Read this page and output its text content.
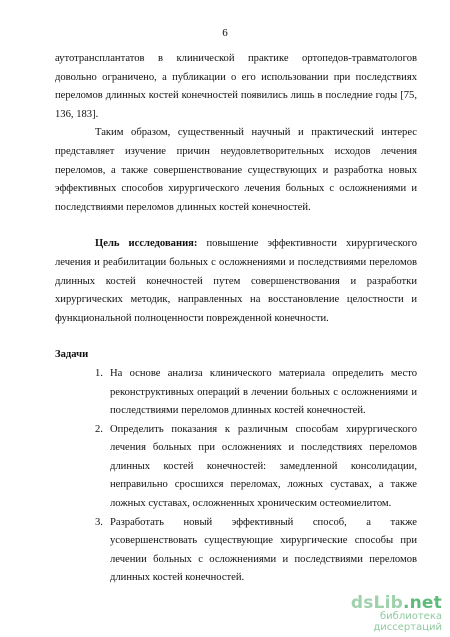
6

аутотрансплантатов в клинической практике ортопедов-травматологов довольно ограничено, а публикации о его использовании при последствиях переломов длинных костей конечностей появились лишь в последние годы [75, 136, 183].

Таким образом, существенный научный и практический интерес представляет изучение причин неудовлетворительных исходов лечения переломов, а также совершенствование существующих и разработка новых эффективных способов хирургического лечения больных с осложнениями и последствиями переломов длинных костей конечностей.

Цель исследования: повышение эффективности хирургического лечения и реабилитации больных с осложнениями и последствиями переломов длинных костей конечностей путем совершенствования и разработки хирургических методик, направленных на восстановление целостности и функциональной полноценности поврежденной конечности.

Задачи

1. На основе анализа клинического материала определить место реконструктивных операций в лечении больных с осложнениями и последствиями переломов длинных костей конечностей.
2. Определить показания к различным способам хирургического лечения больных при осложнениях и последствиях переломов длинных костей конечностей: замедленной консолидации, неправильно сросшихся переломах, ложных суставах, а также ложных суставах, осложненных хроническим остеомиелитом.
3. Разработать новый эффективный способ, а также усовершенствовать существующие хирургические способы при лечении больных с осложнениями и последствиями переломов длинных костей конечностей.
dsLib.net
библиотека диссертаций
